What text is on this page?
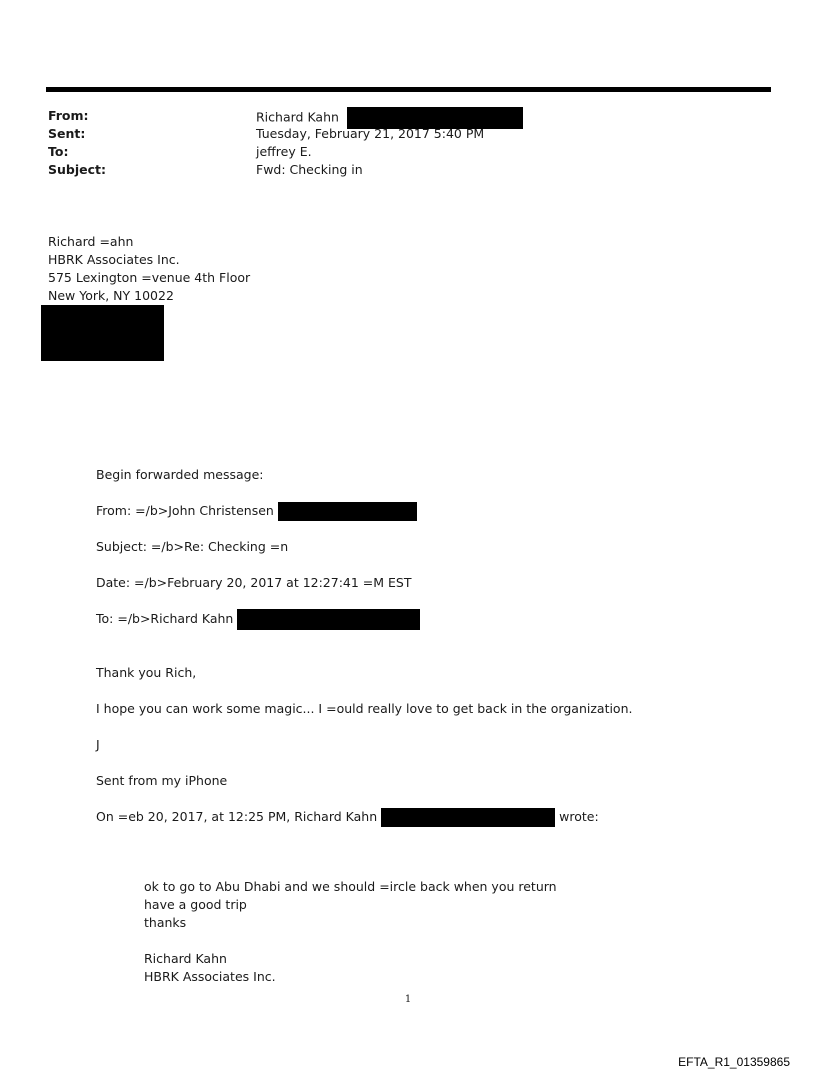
From:	Richard Kahn
Sent:	Tuesday, February 21, 2017 5:40 PM
To:	jeffrey E.
Subject:	Fwd: Checking in
Richard =ahn
HBRK Associates Inc.
575 Lexington =venue 4th Floor
New York, NY 10022

Begin forwarded message:

From: =/b>John Christensen

Subject: =/b>Re: Checking =n

Date: =/b>February 20, 2017 at 12:27:41 =M EST

To: =/b>Richard Kahn

Thank you Rich,

I hope you can work some magic... I =ould really love to get back in the organization.

J

Sent from my iPhone

On =eb 20, 2017, at 12:25 PM, Richard Kahn	wrote:

ok to go to Abu Dhabi and we should =ircle back when you return
have a good trip
thanks
Richard Kahn
HBRK Associates Inc.
1
EFTA_R1_01359865
